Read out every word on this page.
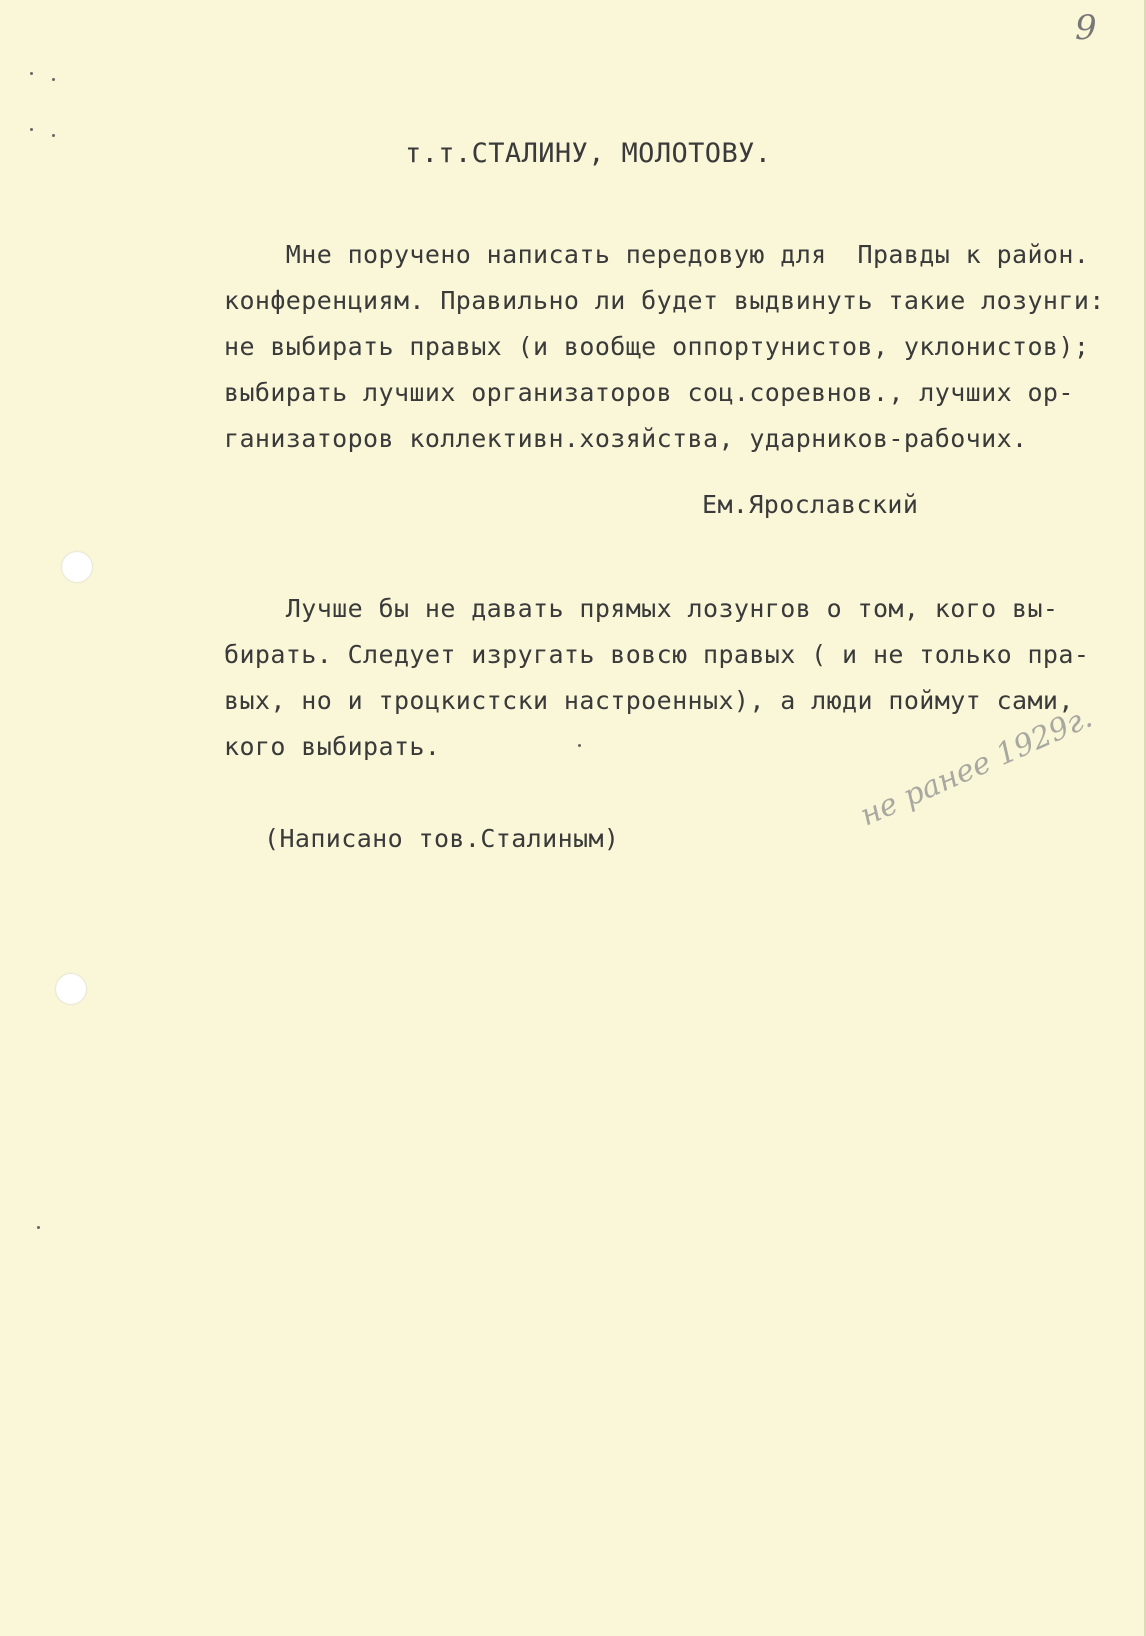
9
т.т.СТАЛИНУ, МОЛОТОВУ.
Мне поручено написать передовую для  Правды к район.
конференциям. Правильно ли будет выдвинуть такие лозунги:
не выбирать правых (и вообще оппортунистов, уклонистов);
выбирать лучших организаторов соц.соревнов., лучших ор-
ганизаторов коллективн.хозяйства, ударников-рабочих.
Ем.Ярославский
Лучше бы не давать прямых лозунгов о том, кого вы-
бирать. Следует изругать вовсю правых ( и не только пра-
вых, но и троцкистски настроенных), а люди поймут сами,
кого выбирать.
(Написано тов.Сталиным)
не ранее 1929г.
